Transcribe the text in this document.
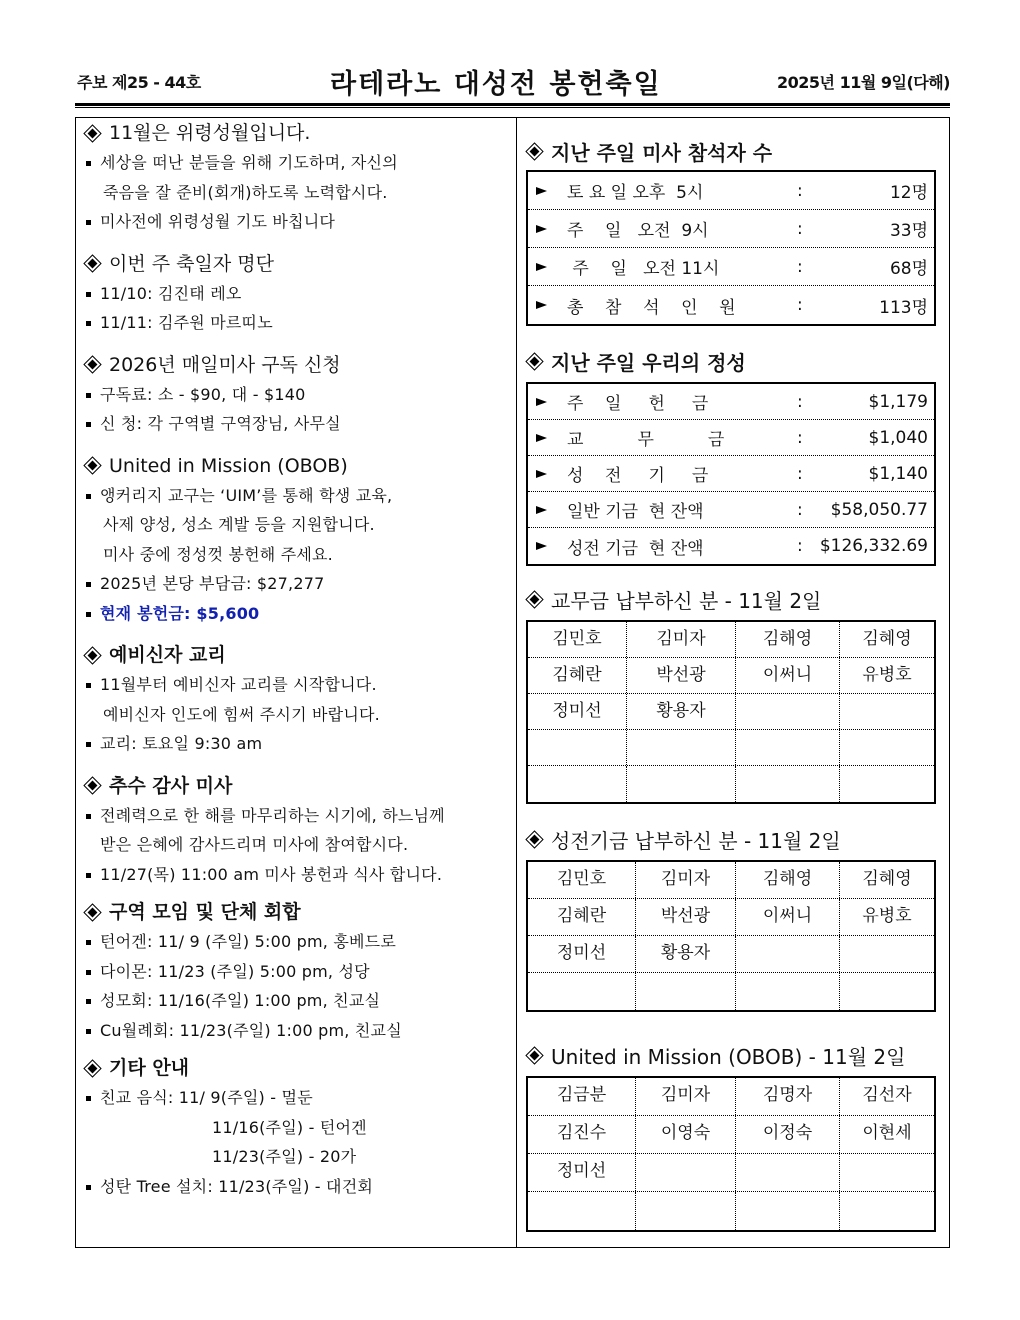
주보 제25 - 44호	라테라노 대성전 봉헌축일	2025년 11월 9일(다해)
11월은 위령성월입니다.
세상을 떠난 분들을 위해 기도하며, 자신의
죽음을 잘 준비(회개)하도록 노력합시다.
미사전에 위령성월 기도 바칩니다
이번 주 축일자 명단
11/10: 김진태 레오
11/11: 김주원 마르띠노
2026년 매일미사 구독 신청
구독료: 소 - $90, 대 - $140
신 청: 각 구역별 구역장님, 사무실
United in Mission (OBOB)
앵커리지 교구는 ‘UIM’를 통해 학생 교육,
사제 양성, 성소 계발 등을 지원합니다.
미사 중에 정성껏 봉헌해 주세요.
2025년 본당 부담금: $27,277
현재 봉헌금: $5,600
예비신자 교리
11월부터 예비신자 교리를 시작합니다.
예비신자 인도에 힘써 주시기 바랍니다.
교리: 토요일 9:30 am
추수 감사 미사
전례력으로 한 해를 마무리하는 시기에, 하느님께
받은 은혜에 감사드리며 미사에 참여합시다.
11/27(목) 11:00 am 미사 봉헌과 식사 합니다.
구역 모임 및 단체 회합
턴어겐: 11/ 9 (주일) 5:00 pm, 홍베드로
다이몬: 11/23 (주일) 5:00 pm, 성당
성모회: 11/16(주일) 1:00 pm, 친교실
Cu월례회: 11/23(주일) 1:00 pm, 친교실
기타 안내
친교 음식: 11/ 9(주일) - 멀둔
11/16(주일) - 턴어겐
11/23(주일) - 20가
성탄 Tree 설치: 11/23(주일) - 대건회
지난 주일 미사 참석자 수
토 요 일 오후  5시	:	12명
주    일   오전  9시	:	33명
주    일   오전 11시	:	68명
총    참    석    인    원	:	113명
지난 주일 우리의 정성
주    일     헌     금	:	$1,179
교          무          금	:	$1,040
성    전     기     금	:	$1,140
일반 기금  현 잔액	:	$58,050.77
성전 기금  현 잔액	:	$126,332.69
교무금 납부하신 분 - 11월 2일
김민호	김미자	김해영	김혜영
김혜란	박선광	이써니	유병호
정미선	황용자
성전기금 납부하신 분 - 11월 2일
김민호	김미자	김해영	김혜영
김혜란	박선광	이써니	유병호
정미선	황용자
United in Mission (OBOB) - 11월 2일
김금분	김미자	김명자	김선자
김진수	이영숙	이정숙	이현세
정미선
